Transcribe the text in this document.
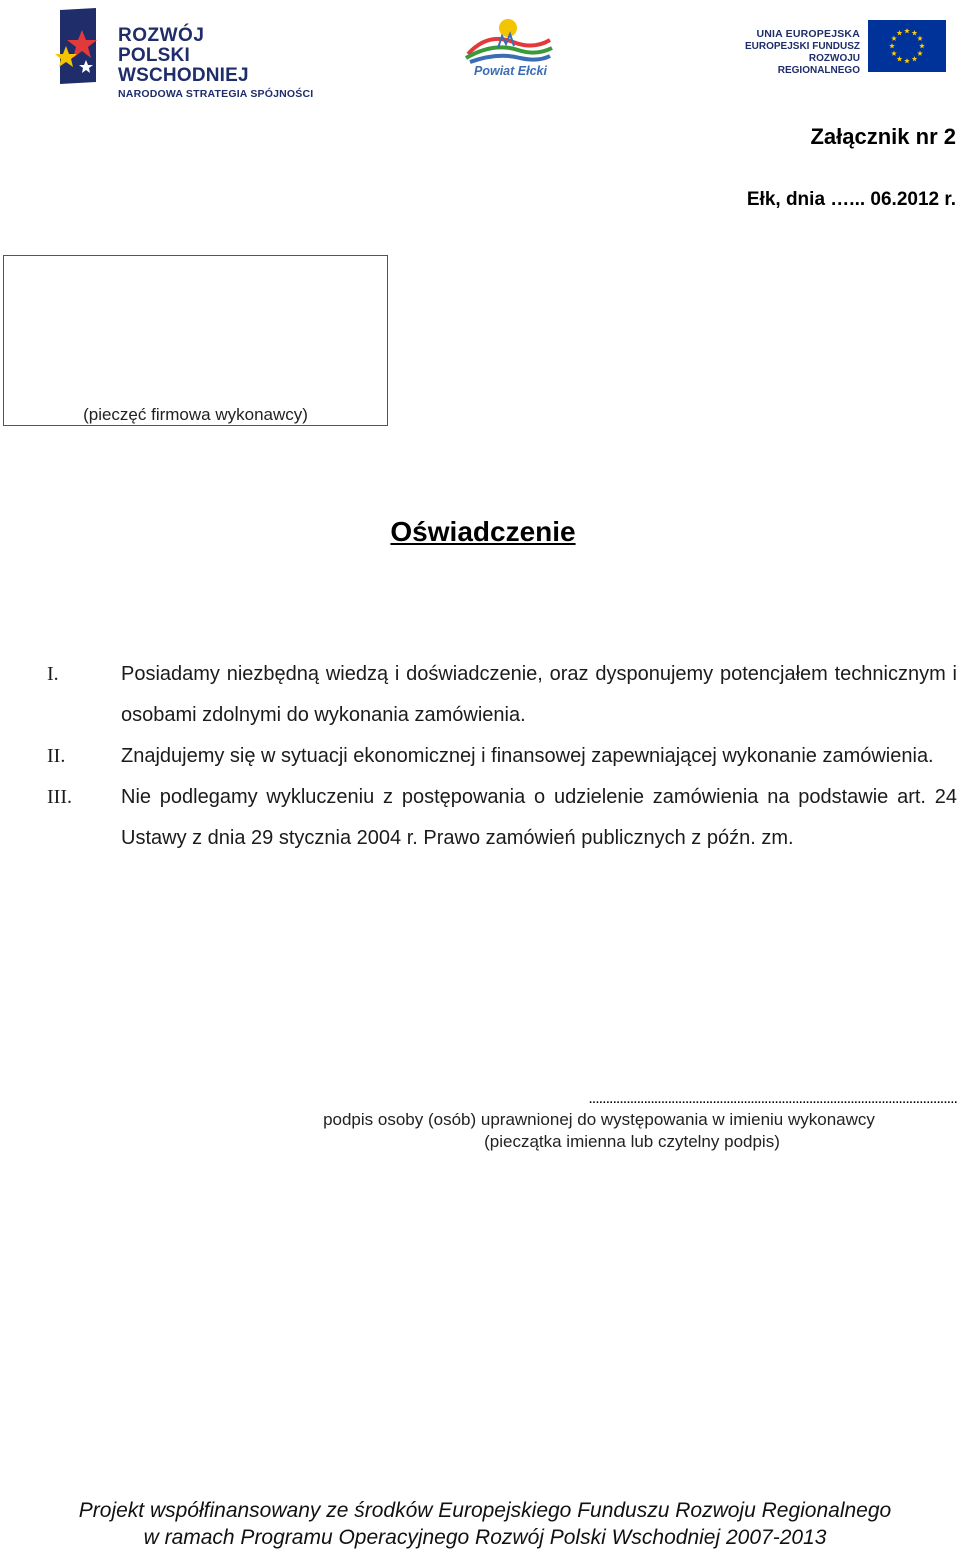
ROZWÓJ
POLSKI WSCHODNIEJ
NARODOWA STRATEGIA SPÓJNOŚCI
Powiat Ełcki
UNIA EUROPEJSKA
EUROPEJSKI FUNDUSZ
ROZWOJU REGIONALNEGO
Załącznik nr 2
Ełk, dnia …... 06.2012 r.
(pieczęć firmowa wykonawcy)
Oświadczenie
I.	Posiadamy niezbędną wiedzą i doświadczenie, oraz dysponujemy potencjałem technicznym i osobami zdolnymi do wykonania zamówienia.
II.	Znajdujemy się w sytuacji ekonomicznej i finansowej zapewniającej wykonanie zamówienia.
III. Nie podlegamy wykluczeniu z postępowania o udzielenie zamówienia na podstawie art. 24 Ustawy z dnia 29 stycznia 2004 r. Prawo zamówień publicznych z późn. zm.
...........................................................................................................
podpis osoby (osób) uprawnionej do występowania w imieniu wykonawcy
(pieczątka imienna lub czytelny podpis)
Projekt współfinansowany ze środków Europejskiego Funduszu Rozwoju Regionalnego
w ramach Programu Operacyjnego Rozwój Polski Wschodniej 2007-2013
